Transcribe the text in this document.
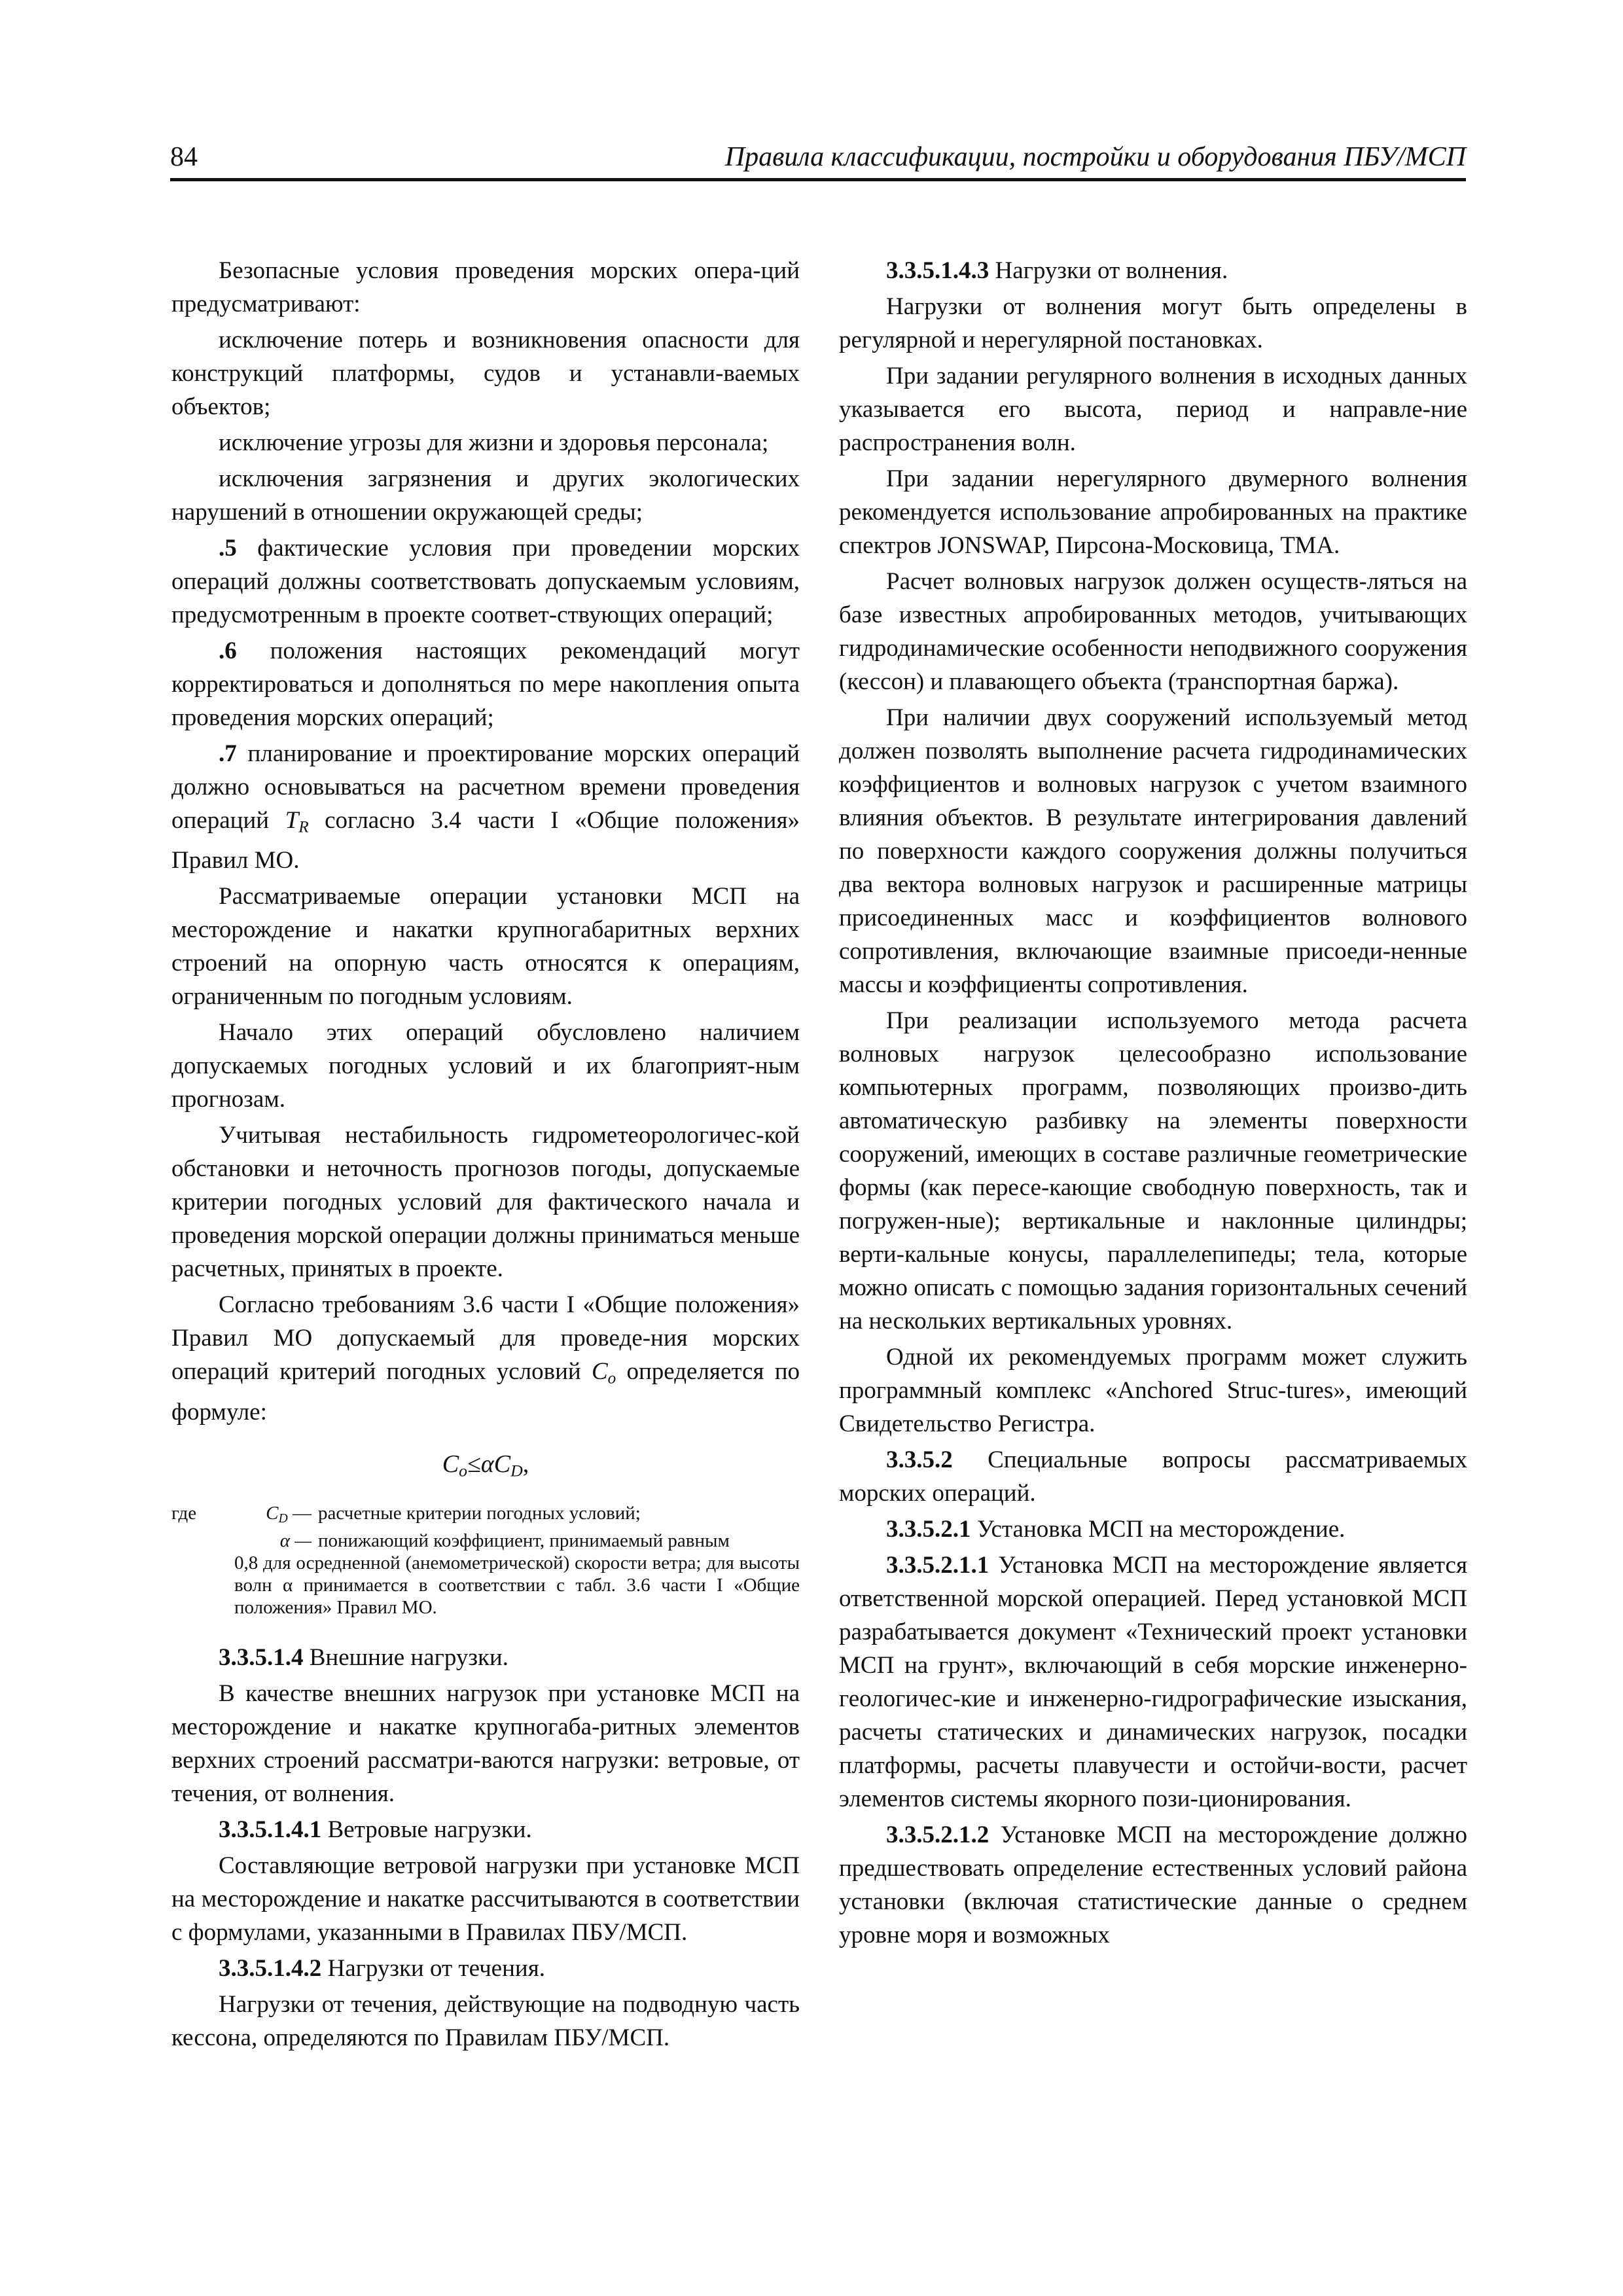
84	Правила классификации, постройки и оборудования ПБУ/МСП

Безопасные условия проведения морских опера-ций предусматривают:

исключение потерь и возникновения опасности для конструкций платформы, судов и устанавли-ваемых объектов;

исключение угрозы для жизни и здоровья персонала;

исключения загрязнения и других экологических нарушений в отношении окружающей среды;

.5 фактические условия при проведении морских операций должны соответствовать допускаемым условиям, предусмотренным в проекте соответ-ствующих операций;

.6 положения настоящих рекомендаций могут корректироваться и дополняться по мере накопления опыта проведения морских операций;

.7 планирование и проектирование морских операций должно основываться на расчетном времени проведения операций $T_R$ согласно 3.4 части I «Общие положения» Правил МО.

Рассматриваемые операции установки МСП на месторождение и накатки крупногабаритных верхних строений на опорную часть относятся к операциям, ограниченным по погодным условиям.

Начало этих операций обусловлено наличием допускаемых погодных условий и их благоприят-ным прогнозам.

Учитывая нестабильность гидрометеорологичес-кой обстановки и неточность прогнозов погоды, допускаемые критерии погодных условий для фактического начала и проведения морской операции должны приниматься меньше расчетных, принятых в проекте.

Согласно требованиям 3.6 части I «Общие положения» Правил МО допускаемый для проведе-ния морских операций критерий погодных условий $C_o$ определяется по формуле:

$C_o\le\alpha C_D$,
где	$C_D$ — расчетные критерии погодных условий;
α — понижающий коэффициент, принимаемый равным
0,8 для осредненной (анемометрической) скорости ветра; для высоты волн α принимается в соответствии с табл. 3.6 части I «Общие положения» Правил МО.

3.3.5.1.4 Внешние нагрузки.

В качестве внешних нагрузок при установке МСП на месторождение и накатке крупногаба-ритных элементов верхних строений рассматри-ваются нагрузки: ветровые, от течения, от волнения.

3.3.5.1.4.1 Ветровые нагрузки.

Составляющие ветровой нагрузки при установке МСП на месторождение и накатке рассчитываются в соответствии с формулами, указанными в Правилах ПБУ/МСП.

3.3.5.1.4.2 Нагрузки от течения.

Нагрузки от течения, действующие на подводную часть кессона, определяются по Правилам ПБУ/МСП.

3.3.5.1.4.3 Нагрузки от волнения.

Нагрузки от волнения могут быть определены в регулярной и нерегулярной постановках.

При задании регулярного волнения в исходных данных указывается его высота, период и направле-ние распространения волн.

При задании нерегулярного двумерного волнения рекомендуется использование апробированных на практике спектров JONSWAP, Пирсона-Московица, ТМА.

Расчет волновых нагрузок должен осуществ-ляться на базе известных апробированных методов, учитывающих гидродинамические особенности неподвижного сооружения (кессон) и плавающего объекта (транспортная баржа).

При наличии двух сооружений используемый метод должен позволять выполнение расчета гидродинамических коэффициентов и волновых нагрузок с учетом взаимного влияния объектов. В результате интегрирования давлений по поверхности каждого сооружения должны получиться два вектора волновых нагрузок и расширенные матрицы присоединенных масс и коэффициентов волнового сопротивления, включающие взаимные присоеди-ненные массы и коэффициенты сопротивления.

При реализации используемого метода расчета волновых нагрузок целесообразно использование компьютерных программ, позволяющих произво-дить автоматическую разбивку на элементы поверхности сооружений, имеющих в составе различные геометрические формы (как пересе-кающие свободную поверхность, так и погружен-ные); вертикальные и наклонные цилиндры; верти-кальные конусы, параллелепипеды; тела, которые можно описать с помощью задания горизонтальных сечений на нескольких вертикальных уровнях.

Одной их рекомендуемых программ может служить программный комплекс «Anchored Struc-tures», имеющий Свидетельство Регистра.

3.3.5.2 Специальные вопросы рассматриваемых морских операций.

3.3.5.2.1 Установка МСП на месторождение.

3.3.5.2.1.1 Установка МСП на месторождение является ответственной морской операцией. Перед установкой МСП разрабатывается документ «Технический проект установки МСП на грунт», включающий в себя морские инженерно-геологичес-кие и инженерно-гидрографические изыскания, расчеты статических и динамических нагрузок, посадки платформы, расчеты плавучести и остойчи-вости, расчет элементов системы якорного пози-ционирования.

3.3.5.2.1.2 Установке МСП на месторождение должно предшествовать определение естественных условий района установки (включая статистические данные о среднем уровне моря и возможных
